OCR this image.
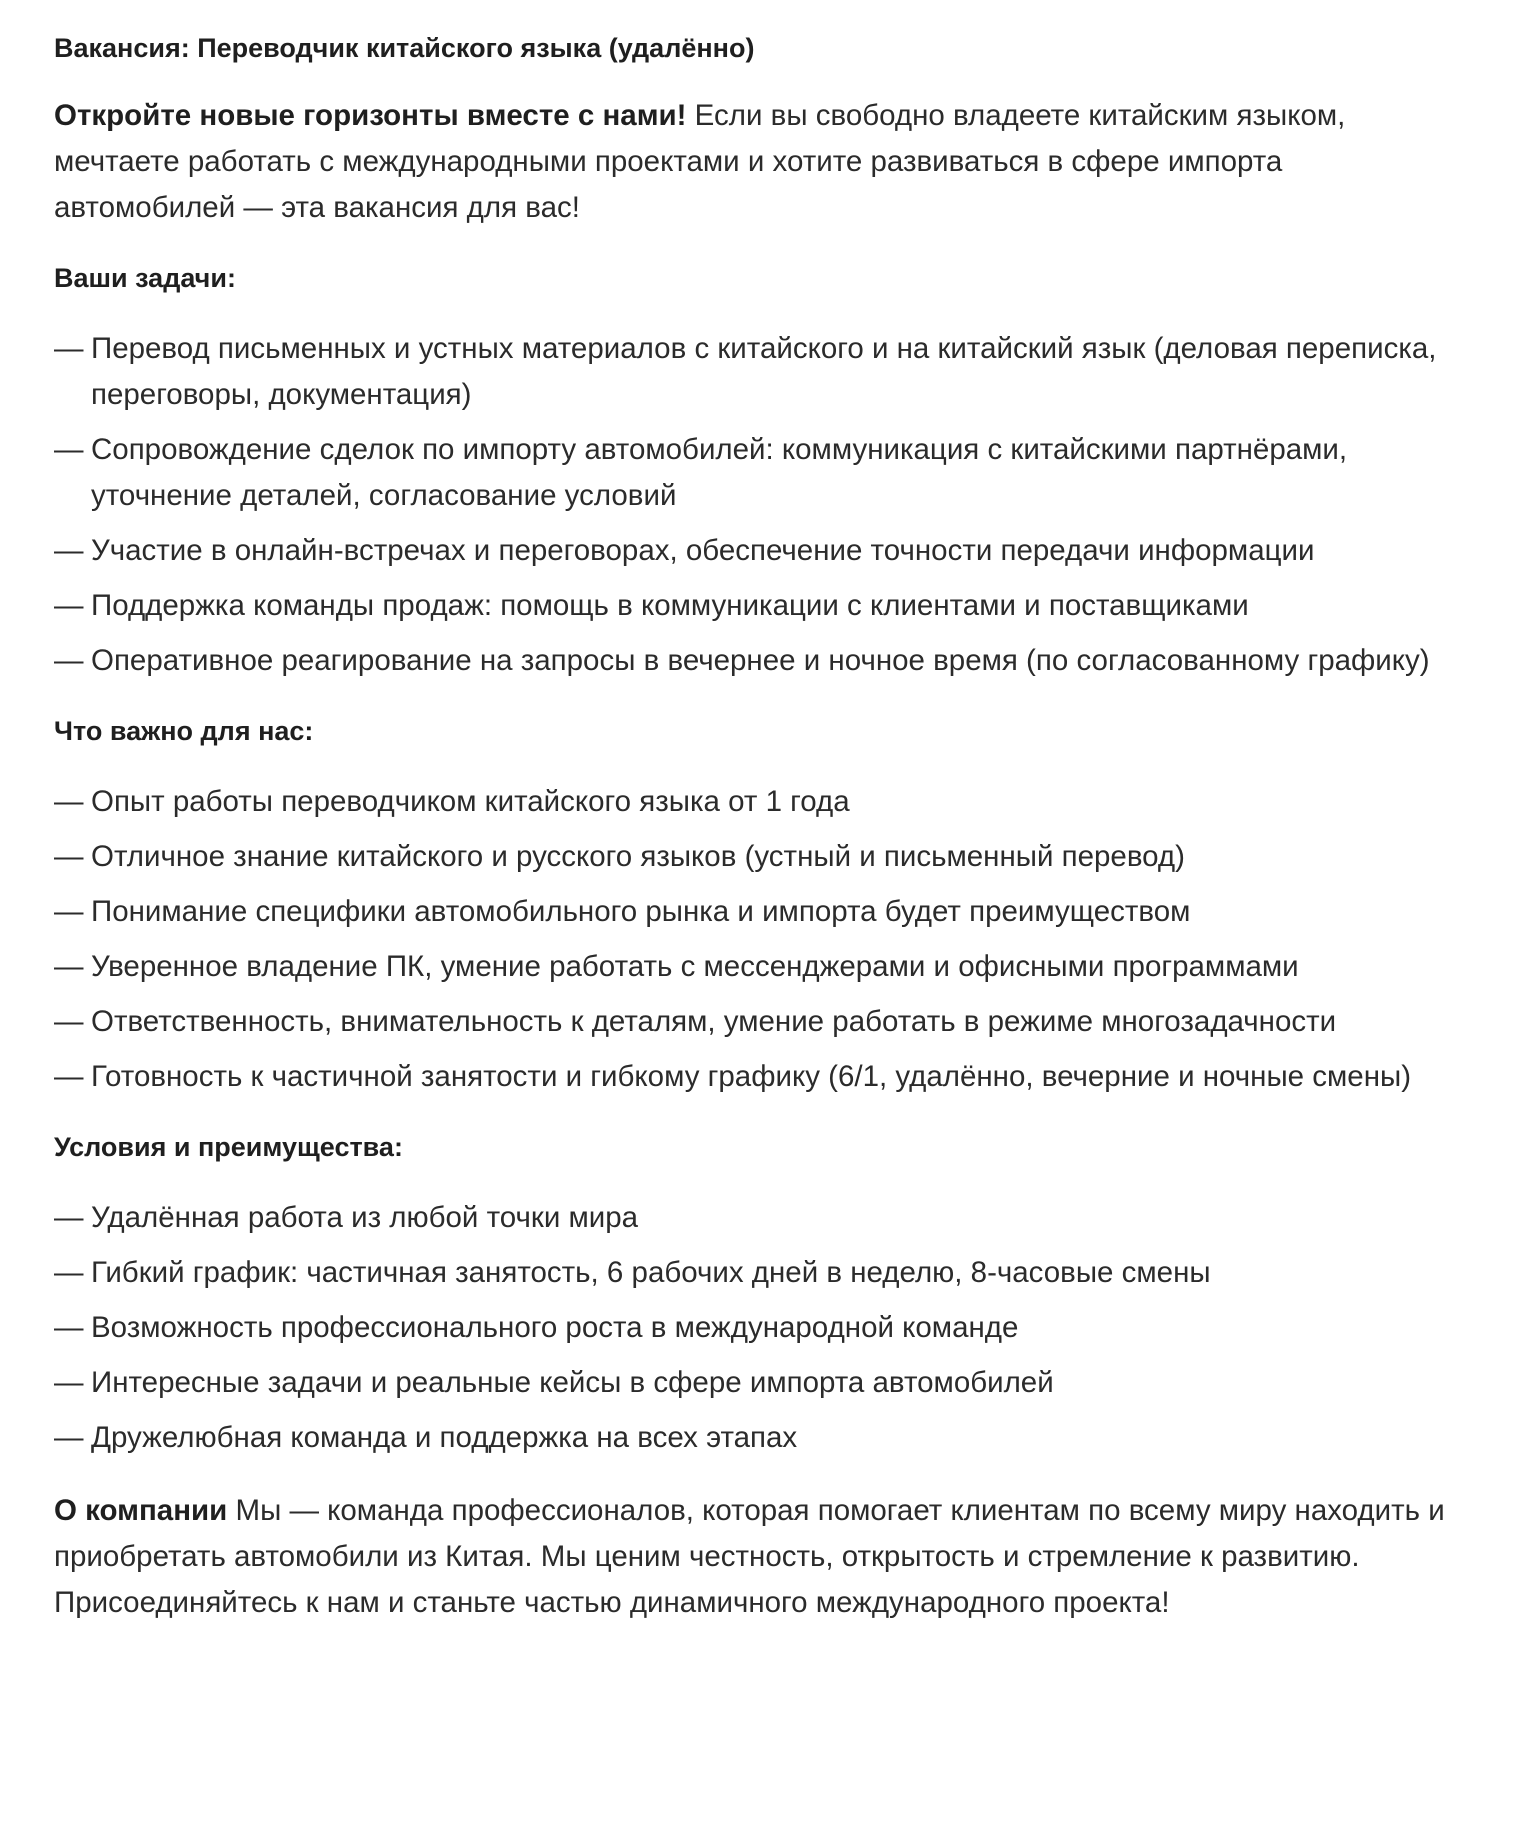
Вакансия: Переводчик китайского языка (удалённо)

Откройте новые горизонты вместе с нами! Если вы свободно владеете китайским языком, мечтаете работать с международными проектами и хотите развиваться в сфере импорта автомобилей — эта вакансия для вас!

Ваши задачи:
— Перевод письменных и устных материалов с китайского и на китайский язык (деловая переписка, переговоры, документация)
— Сопровождение сделок по импорту автомобилей: коммуникация с китайскими партнёрами, уточнение деталей, согласование условий
— Участие в онлайн-встречах и переговорах, обеспечение точности передачи информации
— Поддержка команды продаж: помощь в коммуникации с клиентами и поставщиками
— Оперативное реагирование на запросы в вечернее и ночное время (по согласованному графику)
Что важно для нас:
— Опыт работы переводчиком китайского языка от 1 года
— Отличное знание китайского и русского языков (устный и письменный перевод)
— Понимание специфики автомобильного рынка и импорта будет преимуществом
— Уверенное владение ПК, умение работать с мессенджерами и офисными программами
— Ответственность, внимательность к деталям, умение работать в режиме многозадачности
— Готовность к частичной занятости и гибкому графику (6/1, удалённо, вечерние и ночные смены)
Условия и преимущества:
— Удалённая работа из любой точки мира
— Гибкий график: частичная занятость, 6 рабочих дней в неделю, 8-часовые смены
— Возможность профессионального роста в международной команде
— Интересные задачи и реальные кейсы в сфере импорта автомобилей
— Дружелюбная команда и поддержка на всех этапах

О компании Мы — команда профессионалов, которая помогает клиентам по всему миру находить и приобретать автомобили из Китая. Мы ценим честность, открытость и стремление к развитию. Присоединяйтесь к нам и станьте частью динамичного международного проекта!
